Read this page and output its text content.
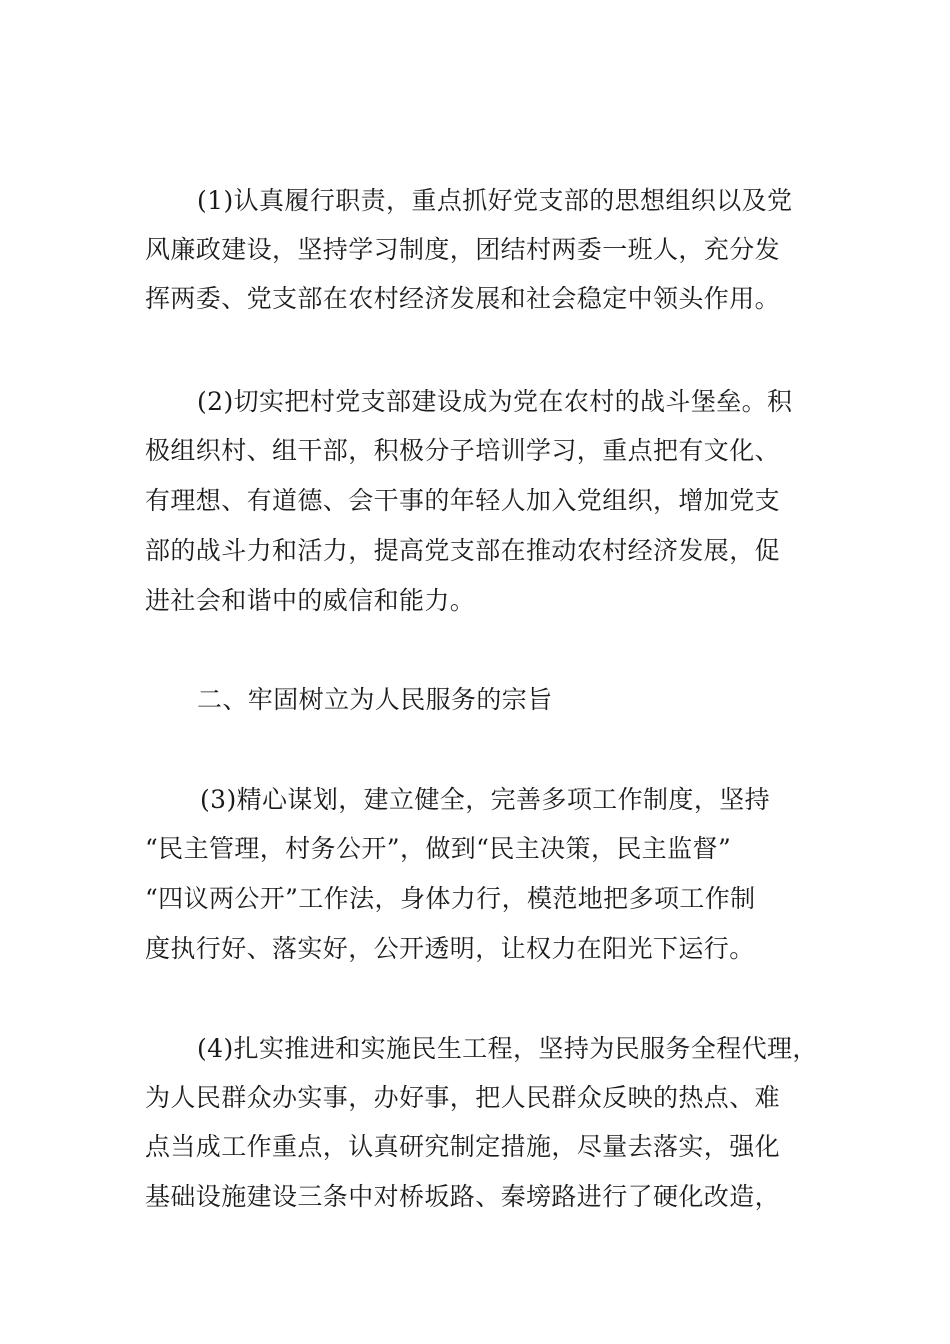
(1)认真履行职责，重点抓好党支部的思想组织以及党
风廉政建设，坚持学习制度，团结村两委一班人，充分发
挥两委、党支部在农村经济发展和社会稳定中领头作用。
(2)切实把村党支部建设成为党在农村的战斗堡垒。积
极组织村、组干部，积极分子培训学习，重点把有文化、
有理想、有道德、会干事的年轻人加入党组织，增加党支
部的战斗力和活力，提高党支部在推动农村经济发展，促
进社会和谐中的威信和能力。
二、牢固树立为人民服务的宗旨
(3)精心谋划，建立健全，完善多项工作制度，坚持
“民主管理，村务公开”，做到“民主决策，民主监督”
“四议两公开”工作法，身体力行，模范地把多项工作制
度执行好、落实好，公开透明，让权力在阳光下运行。
(4)扎实推进和实施民生工程，坚持为民服务全程代理，
为人民群众办实事，办好事，把人民群众反映的热点、难
点当成工作重点，认真研究制定措施，尽量去落实，强化
基础设施建设三条中对桥坂路、秦塝路进行了硬化改造，
